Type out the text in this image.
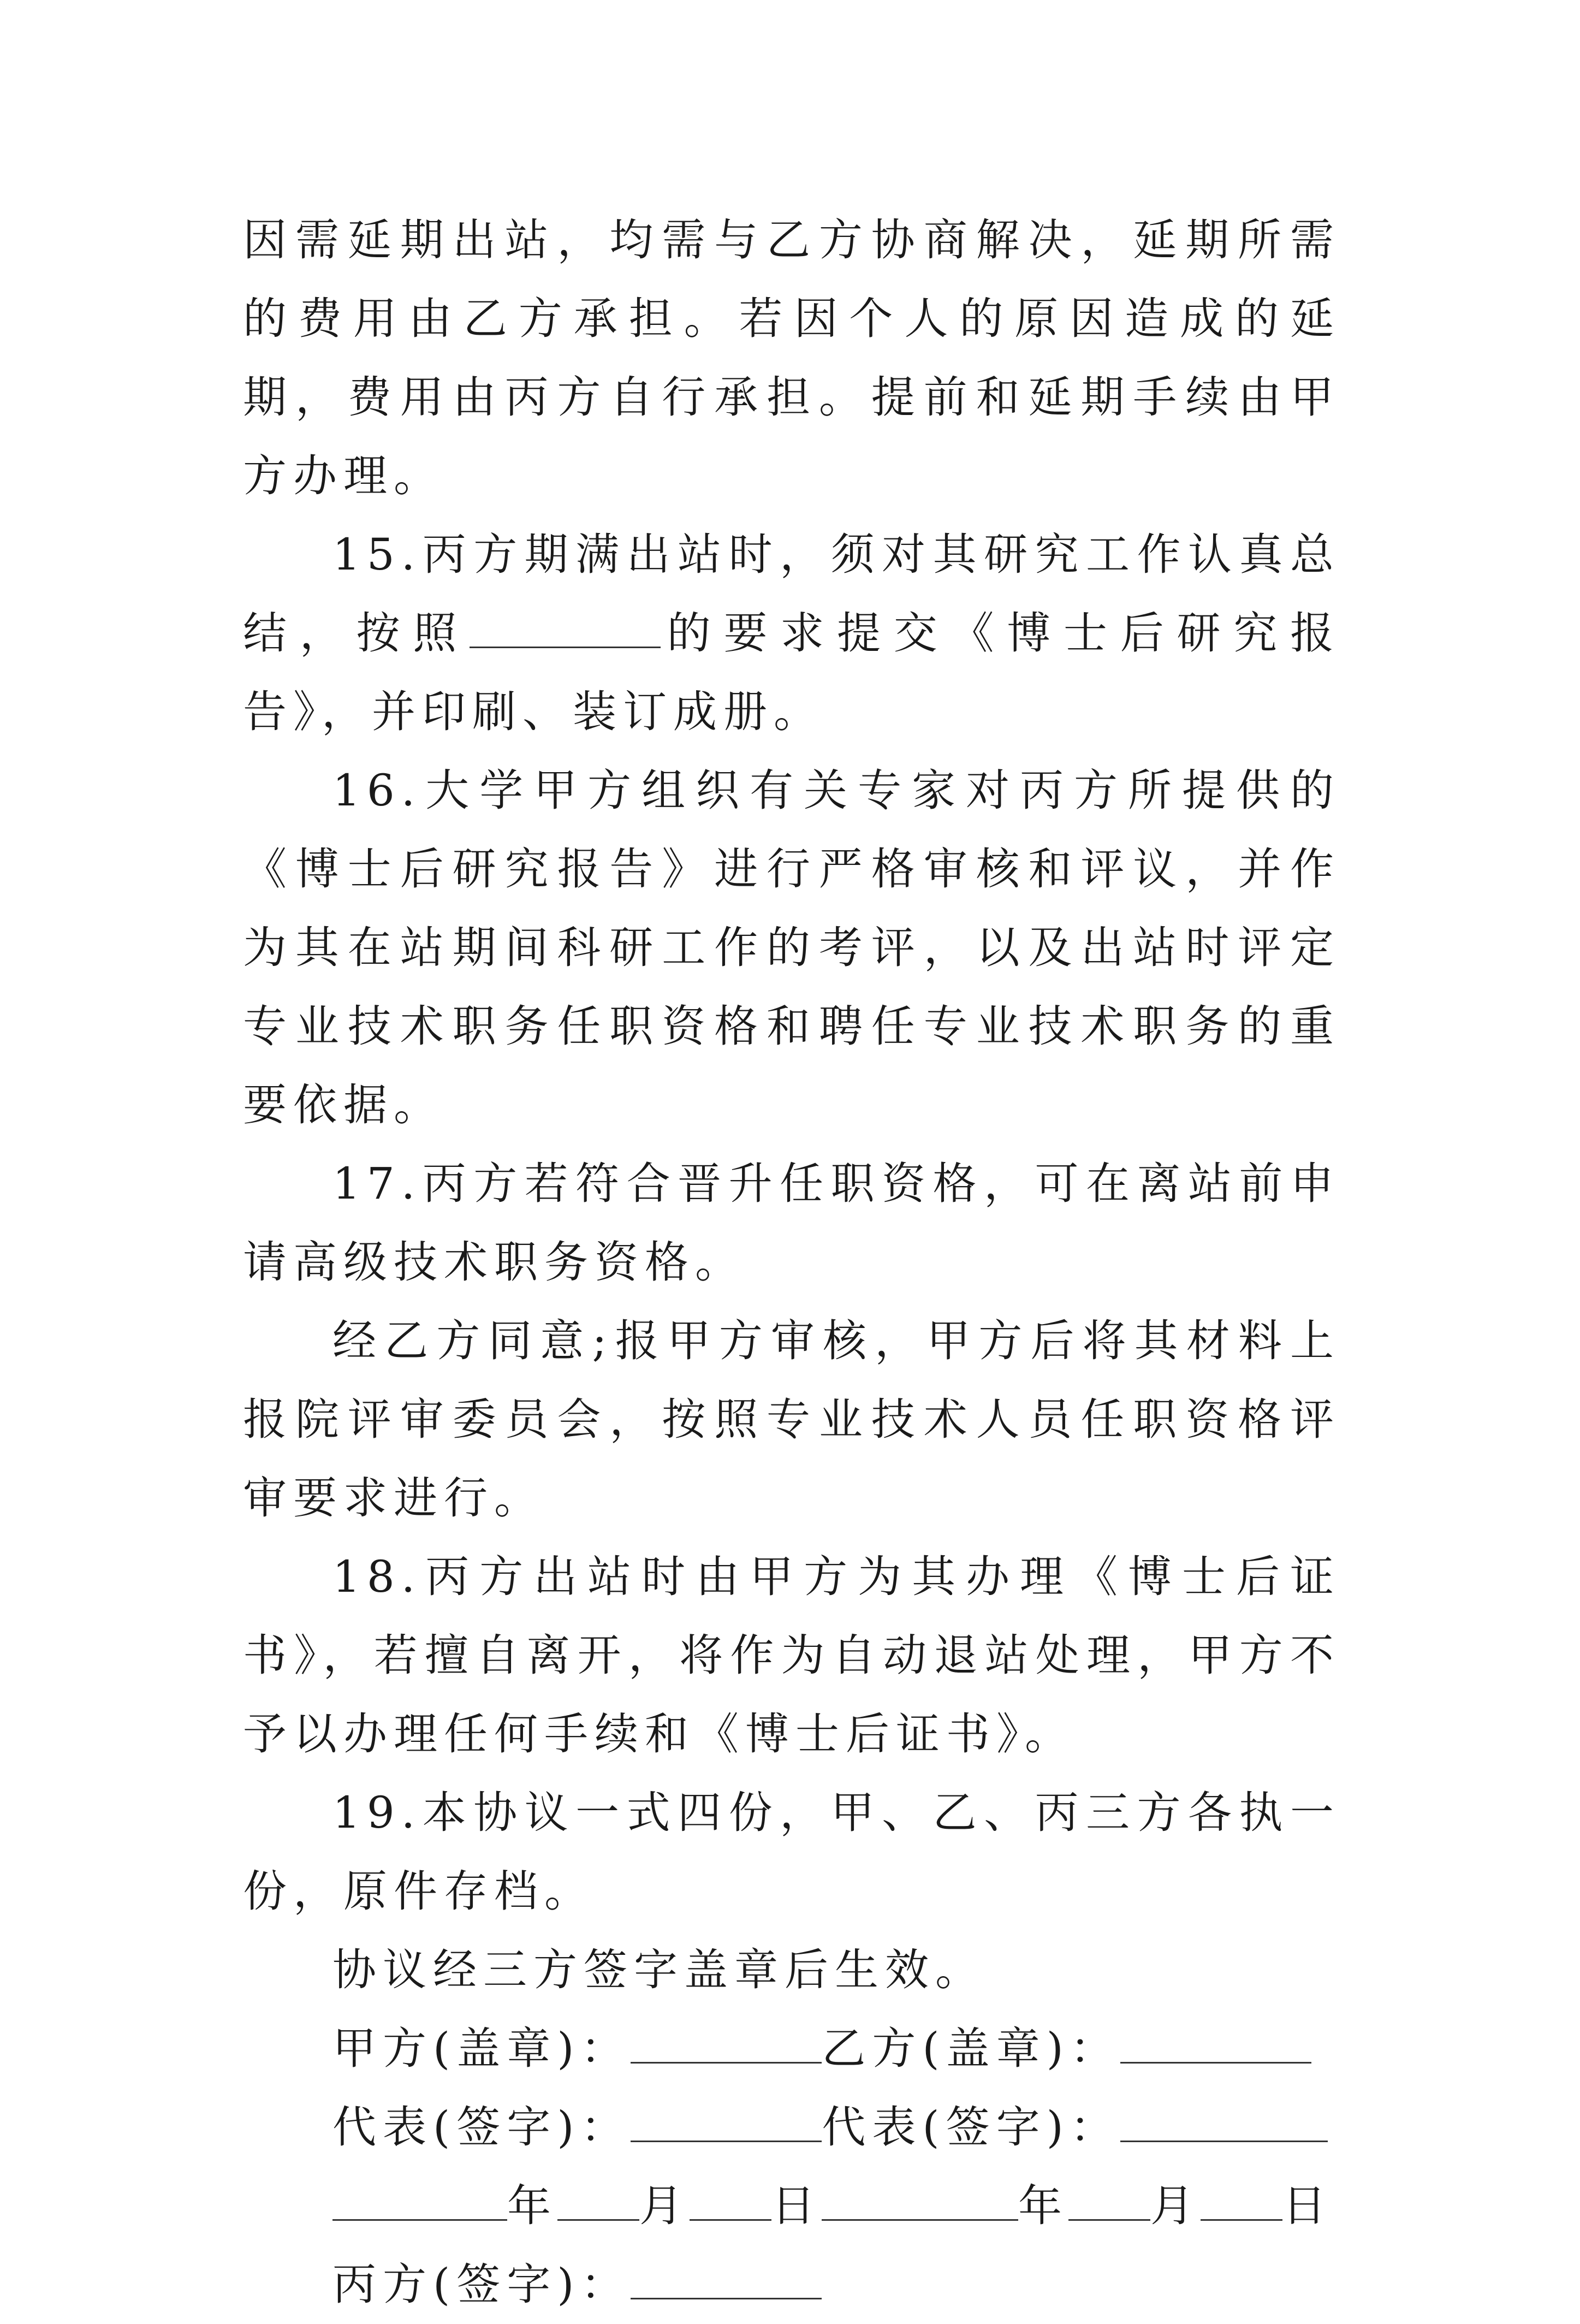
因需延期出站，均需与乙方协商解决，延期所需的费用由乙方承担。若因个人的原因造成的延期，费用由丙方自行承担。提前和延期手续由甲方办理。

15.丙方期满出站时，须对其研究工作认真总结，按照	的要求提交《博士后研究报告》，并印刷、装订成册。

16.大学甲方组织有关专家对丙方所提供的《博士后研究报告》进行严格审核和评议，并作为其在站期间科研工作的考评，以及出站时评定专业技术职务任职资格和聘任专业技术职务的重要依据。

17.丙方若符合晋升任职资格，可在离站前申请高级技术职务资格。

经乙方同意;报甲方审核，甲方后将其材料上报院评审委员会，按照专业技术人员任职资格评审要求进行。

18.丙方出站时由甲方为其办理《博士后证书》，若擅自离开，将作为自动退站处理，甲方不予以办理任何手续和《博士后证书》。

19.本协议一式四份，甲、乙、丙三方各执一份，原件存档。

协议经三方签字盖章后生效。

甲方(盖章)：	乙方(盖章)：
代表(签字)：	代表(签字)：
年 月 日	年 月 日
丙方(签字)：
